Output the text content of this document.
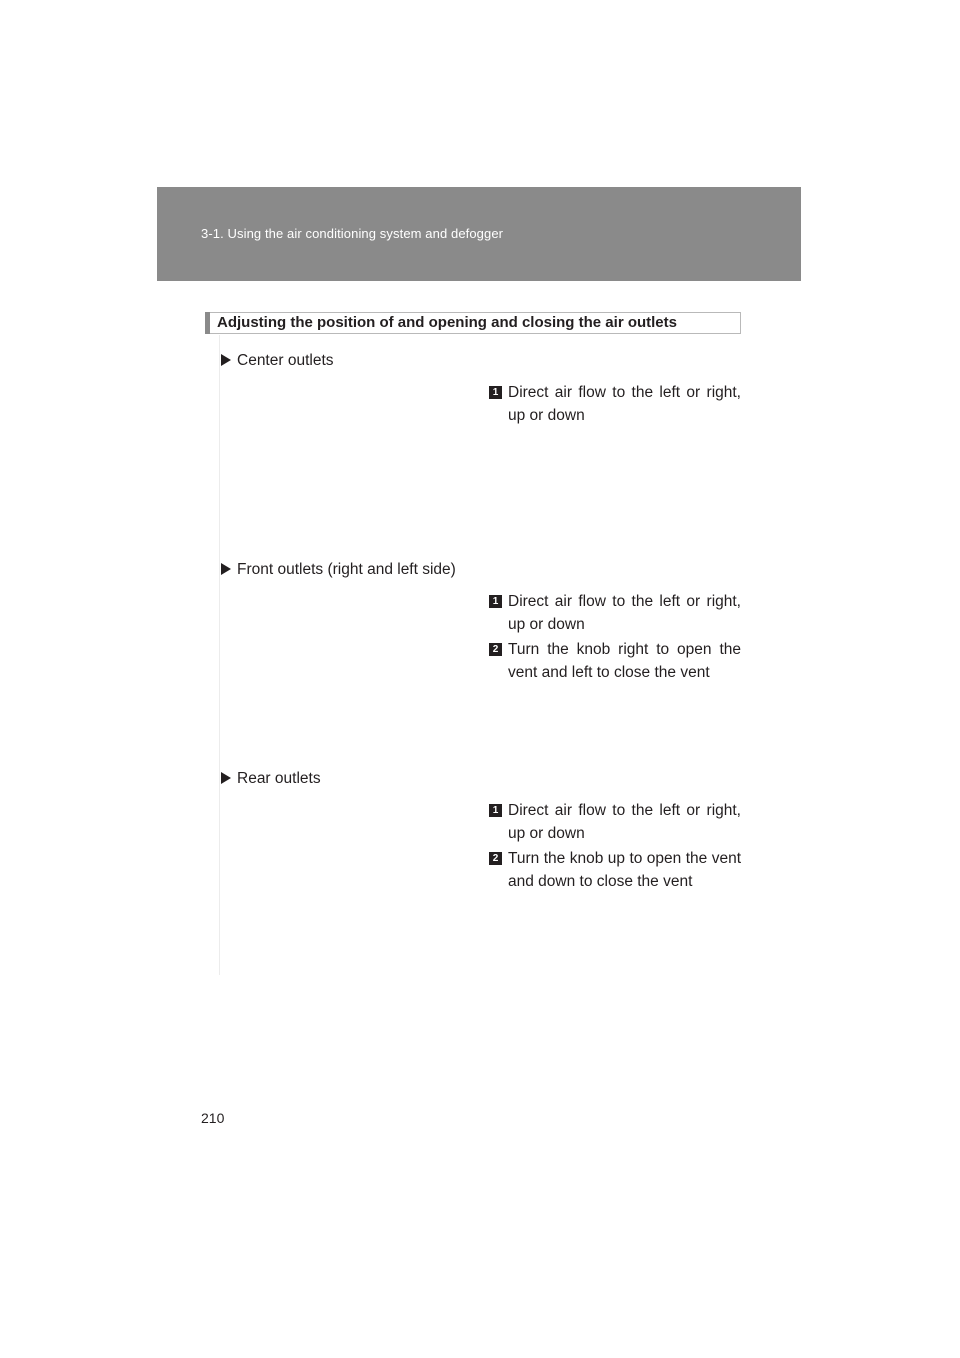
3-1. Using the air conditioning system and defogger
Adjusting the position of and opening and closing the air outlets
Center outlets
1 Direct air flow to the left or right, up or down
Front outlets (right and left side)
1 Direct air flow to the left or right, up or down
2 Turn the knob right to open the vent and left to close the vent
Rear outlets
1 Direct air flow to the left or right, up or down
2 Turn the knob up to open the vent and down to close the vent
210
